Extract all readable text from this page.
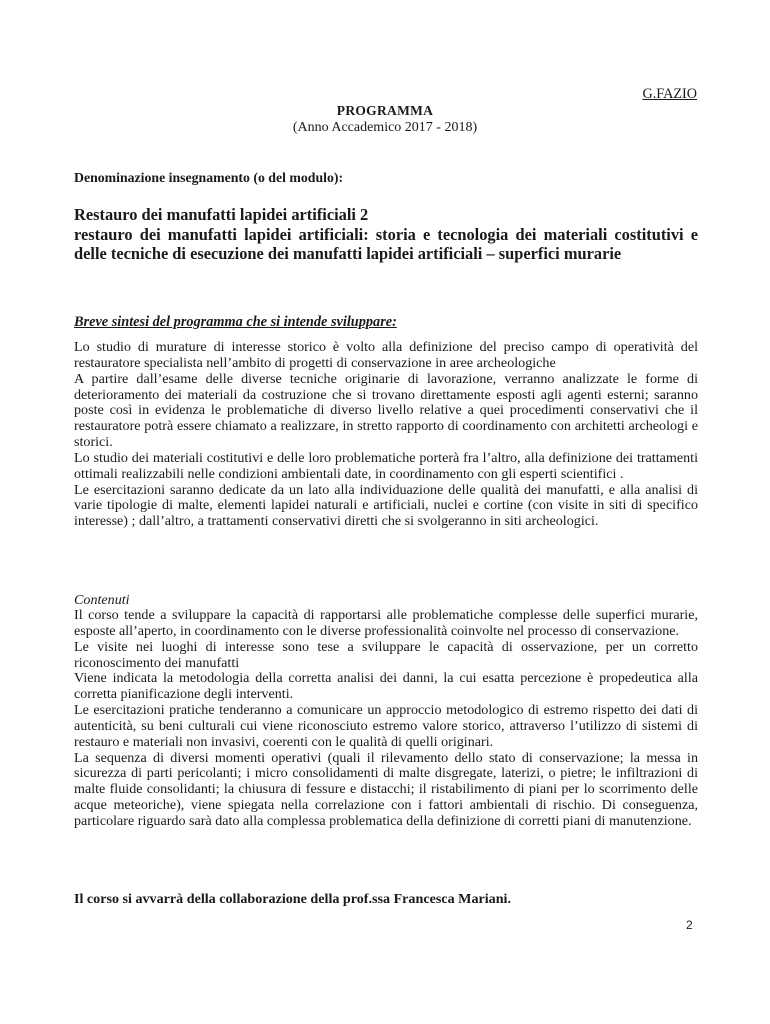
G.FAZIO
PROGRAMMA
(Anno Accademico 2017 - 2018)
Denominazione insegnamento (o del modulo):
Restauro dei manufatti lapidei artificiali 2
restauro dei manufatti lapidei artificiali: storia e tecnologia dei materiali costitutivi e delle tecniche di esecuzione dei manufatti lapidei artificiali – superfici murarie
Breve sintesi del programma che si intende sviluppare:

Lo studio di murature di interesse storico è volto alla definizione del preciso campo di operatività del restauratore specialista nell’ambito di progetti di conservazione in aree archeologiche

A partire dall’esame delle diverse tecniche originarie di lavorazione, verranno analizzate le forme di deterioramento dei materiali da costruzione che si trovano direttamente esposti agli agenti esterni; saranno poste così in evidenza le problematiche di diverso livello relative a quei procedimenti conservativi che il restauratore potrà essere chiamato a realizzare, in stretto rapporto di coordinamento con architetti archeologi e storici.

Lo studio dei materiali costitutivi e delle loro problematiche porterà fra l’altro, alla definizione dei trattamenti ottimali realizzabili nelle condizioni ambientali date, in coordinamento con gli esperti scientifici .

Le esercitazioni saranno dedicate da un lato alla individuazione delle qualità dei manufatti, e alla analisi di varie tipologie di malte, elementi lapidei naturali e artificiali, nuclei e cortine (con visite in siti di specifico interesse) ; dall’altro, a trattamenti conservativi diretti che si svolgeranno in siti archeologici.

Contenuti

Il corso tende a sviluppare la capacità di rapportarsi alle problematiche complesse delle superfici murarie, esposte all’aperto, in coordinamento con le diverse professionalità coinvolte nel processo di conservazione.

Le visite nei luoghi di interesse sono tese a sviluppare le capacità di osservazione, per un corretto riconoscimento dei manufatti

Viene indicata la metodologia della corretta analisi dei danni, la cui esatta percezione è propedeutica alla corretta pianificazione degli interventi.

Le esercitazioni pratiche tenderanno a comunicare un approccio metodologico di estremo rispetto dei dati di autenticità, su beni culturali cui viene riconosciuto estremo valore storico, attraverso l’utilizzo di sistemi di restauro e materiali non invasivi, coerenti con le qualità di quelli originari.

La sequenza di diversi momenti operativi (quali il rilevamento dello stato di conservazione; la messa in sicurezza di parti pericolanti; i micro consolidamenti di malte disgregate, laterizi, o pietre; le infiltrazioni di malte fluide consolidanti; la chiusura di fessure e distacchi; il ristabilimento di piani per lo scorrimento delle acque meteoriche), viene spiegata nella correlazione con i fattori ambientali di rischio. Di conseguenza, particolare riguardo sarà dato alla complessa problematica della definizione di corretti piani di manutenzione.

Il corso si avvarrà della collaborazione della prof.ssa Francesca Mariani.
2
